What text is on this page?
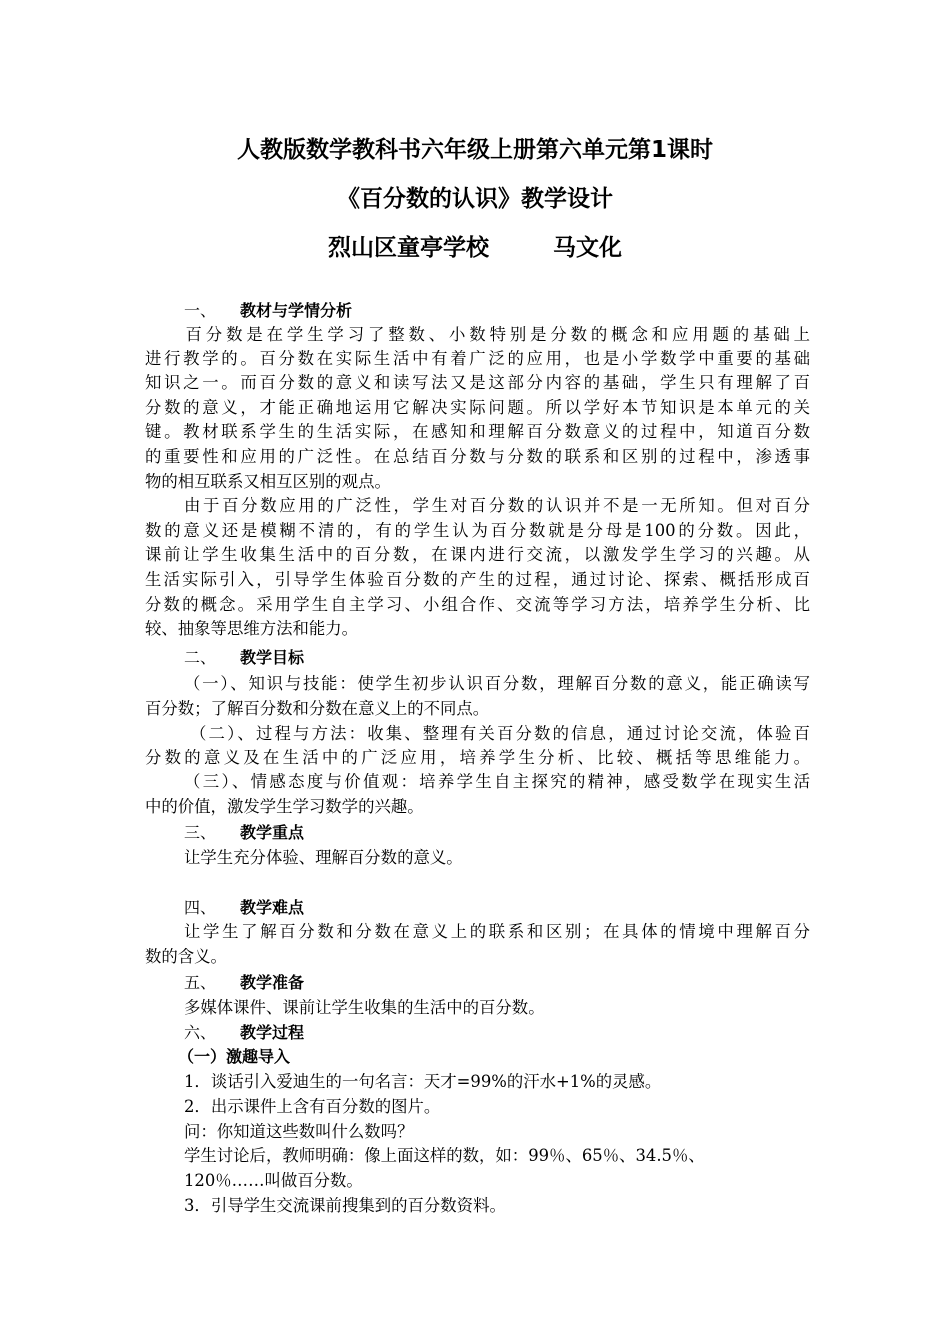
人教版数学教科书六年级上册第六单元第1课时
《百分数的认识》教学设计
烈山区童亭学校        马文化
一、 教材与学情分析
　　百分数是在学生学习了整数、小数特别是分数的概念和应用题的基础上
进行教学的。百分数在实际生活中有着广泛的应用，也是小学数学中重要的基础
知识之一。而百分数的意义和读写法又是这部分内容的基础，学生只有理解了百
分数的意义，才能正确地运用它解决实际问题。所以学好本节知识是本单元的关
键。教材联系学生的生活实际，在感知和理解百分数意义的过程中，知道百分数
的重要性和应用的广泛性。在总结百分数与分数的联系和区别的过程中，渗透事
物的相互联系又相互区别的观点。
由于百分数应用的广泛性，学生对百分数的认识并不是一无所知。但对百分
数的意义还是模糊不清的，有的学生认为百分数就是分母是100的分数。因此，
课前让学生收集生活中的百分数，在课内进行交流，以激发学生学习的兴趣。从
生活实际引入，引导学生体验百分数的产生的过程，通过讨论、探索、概括形成百
分数的概念。采用学生自主学习、小组合作、交流等学习方法，培养学生分析、比
较、抽象等思维方法和能力。
二、 教学目标
（一）、知识与技能：使学生初步认识百分数，理解百分数的意义，能正确读写
百分数；了解百分数和分数在意义上的不同点。
（二）、过程与方法：收集、整理有关百分数的信息，通过讨论交流，体验百
分数的意义及在生活中的广泛应用，培养学生分析、比较、概括等思维能力。
（三）、情感态度与价值观：培养学生自主探究的精神，感受数学在现实生活
中的价值，激发学生学习数学的兴趣。
三、 教学重点
让学生充分体验、理解百分数的意义。
四、 教学难点
让学生了解百分数和分数在意义上的联系和区别；在具体的情境中理解百分
数的含义。
五、 教学准备
多媒体课件、课前让学生收集的生活中的百分数。
六、 教学过程
（一）激趣导入
1．谈话引入爱迪生的一句名言：天才=99%的汗水+1%的灵感。
2．出示课件上含有百分数的图片。
问：你知道这些数叫什么数吗？
学生讨论后，教师明确：像上面这样的数，如：99％、65％、34.5％、
120％……叫做百分数。
3．引导学生交流课前搜集到的百分数资料。
